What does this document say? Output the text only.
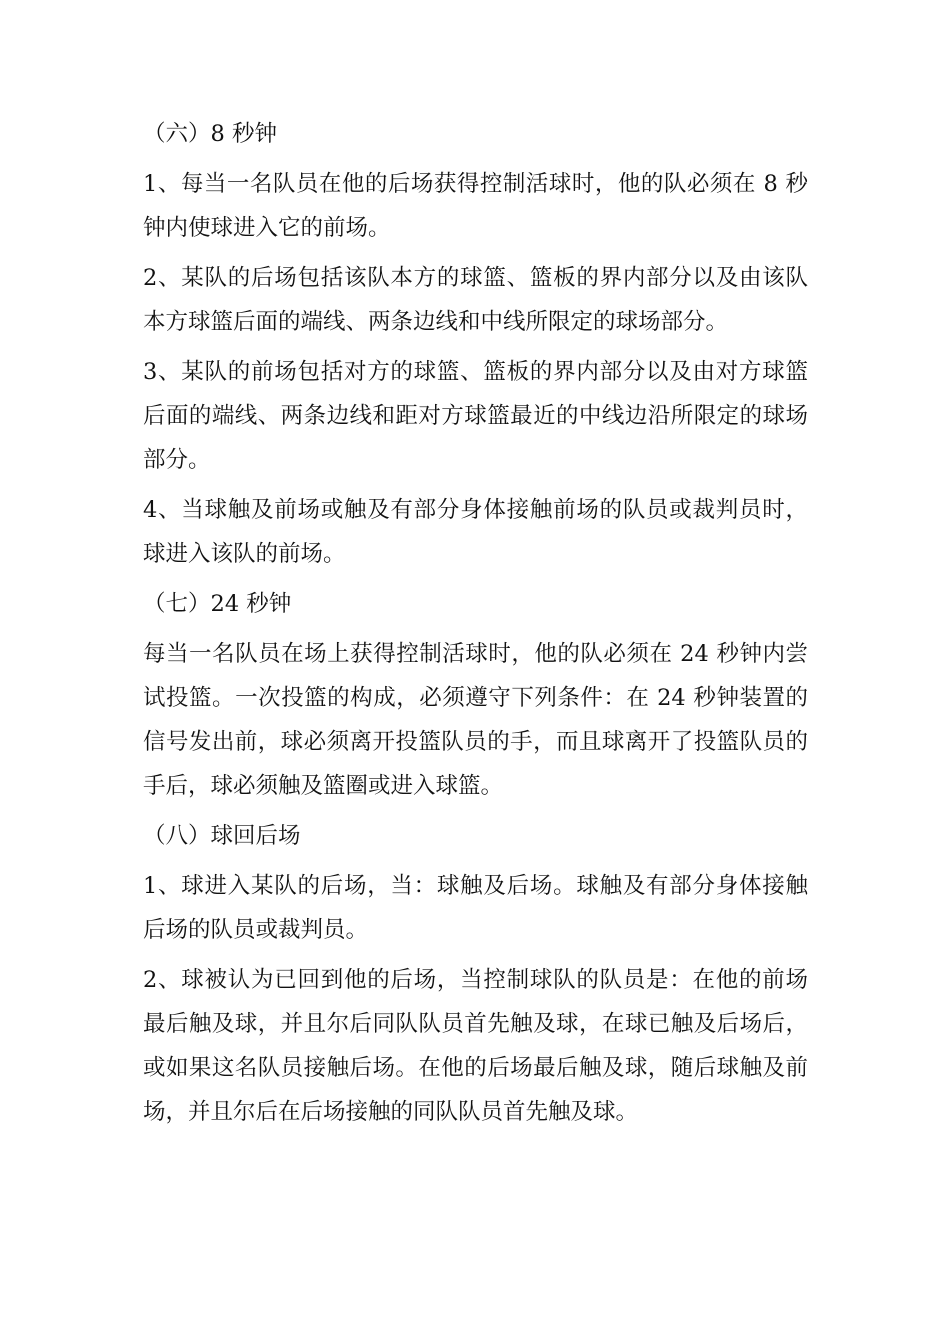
（六）8 秒钟
1、每当一名队员在他的后场获得控制活球时，他的队必须在 8 秒钟内使球进入它的前场。
2、某队的后场包括该队本方的球篮、篮板的界内部分以及由该队本方球篮后面的端线、两条边线和中线所限定的球场部分。
3、某队的前场包括对方的球篮、篮板的界内部分以及由对方球篮后面的端线、两条边线和距对方球篮最近的中线边沿所限定的球场部分。
4、当球触及前场或触及有部分身体接触前场的队员或裁判员时，球进入该队的前场。
（七）24 秒钟
每当一名队员在场上获得控制活球时，他的队必须在 24 秒钟内尝试投篮。一次投篮的构成，必须遵守下列条件：在 24 秒钟装置的信号发出前，球必须离开投篮队员的手，而且球离开了投篮队员的手后，球必须触及篮圈或进入球篮。
（八）球回后场
1、球进入某队的后场，当：球触及后场。球触及有部分身体接触后场的队员或裁判员。
2、球被认为已回到他的后场，当控制球队的队员是：在他的前场最后触及球，并且尔后同队队员首先触及球，在球已触及后场后，或如果这名队员接触后场。在他的后场最后触及球，随后球触及前场，并且尔后在后场接触的同队队员首先触及球。
